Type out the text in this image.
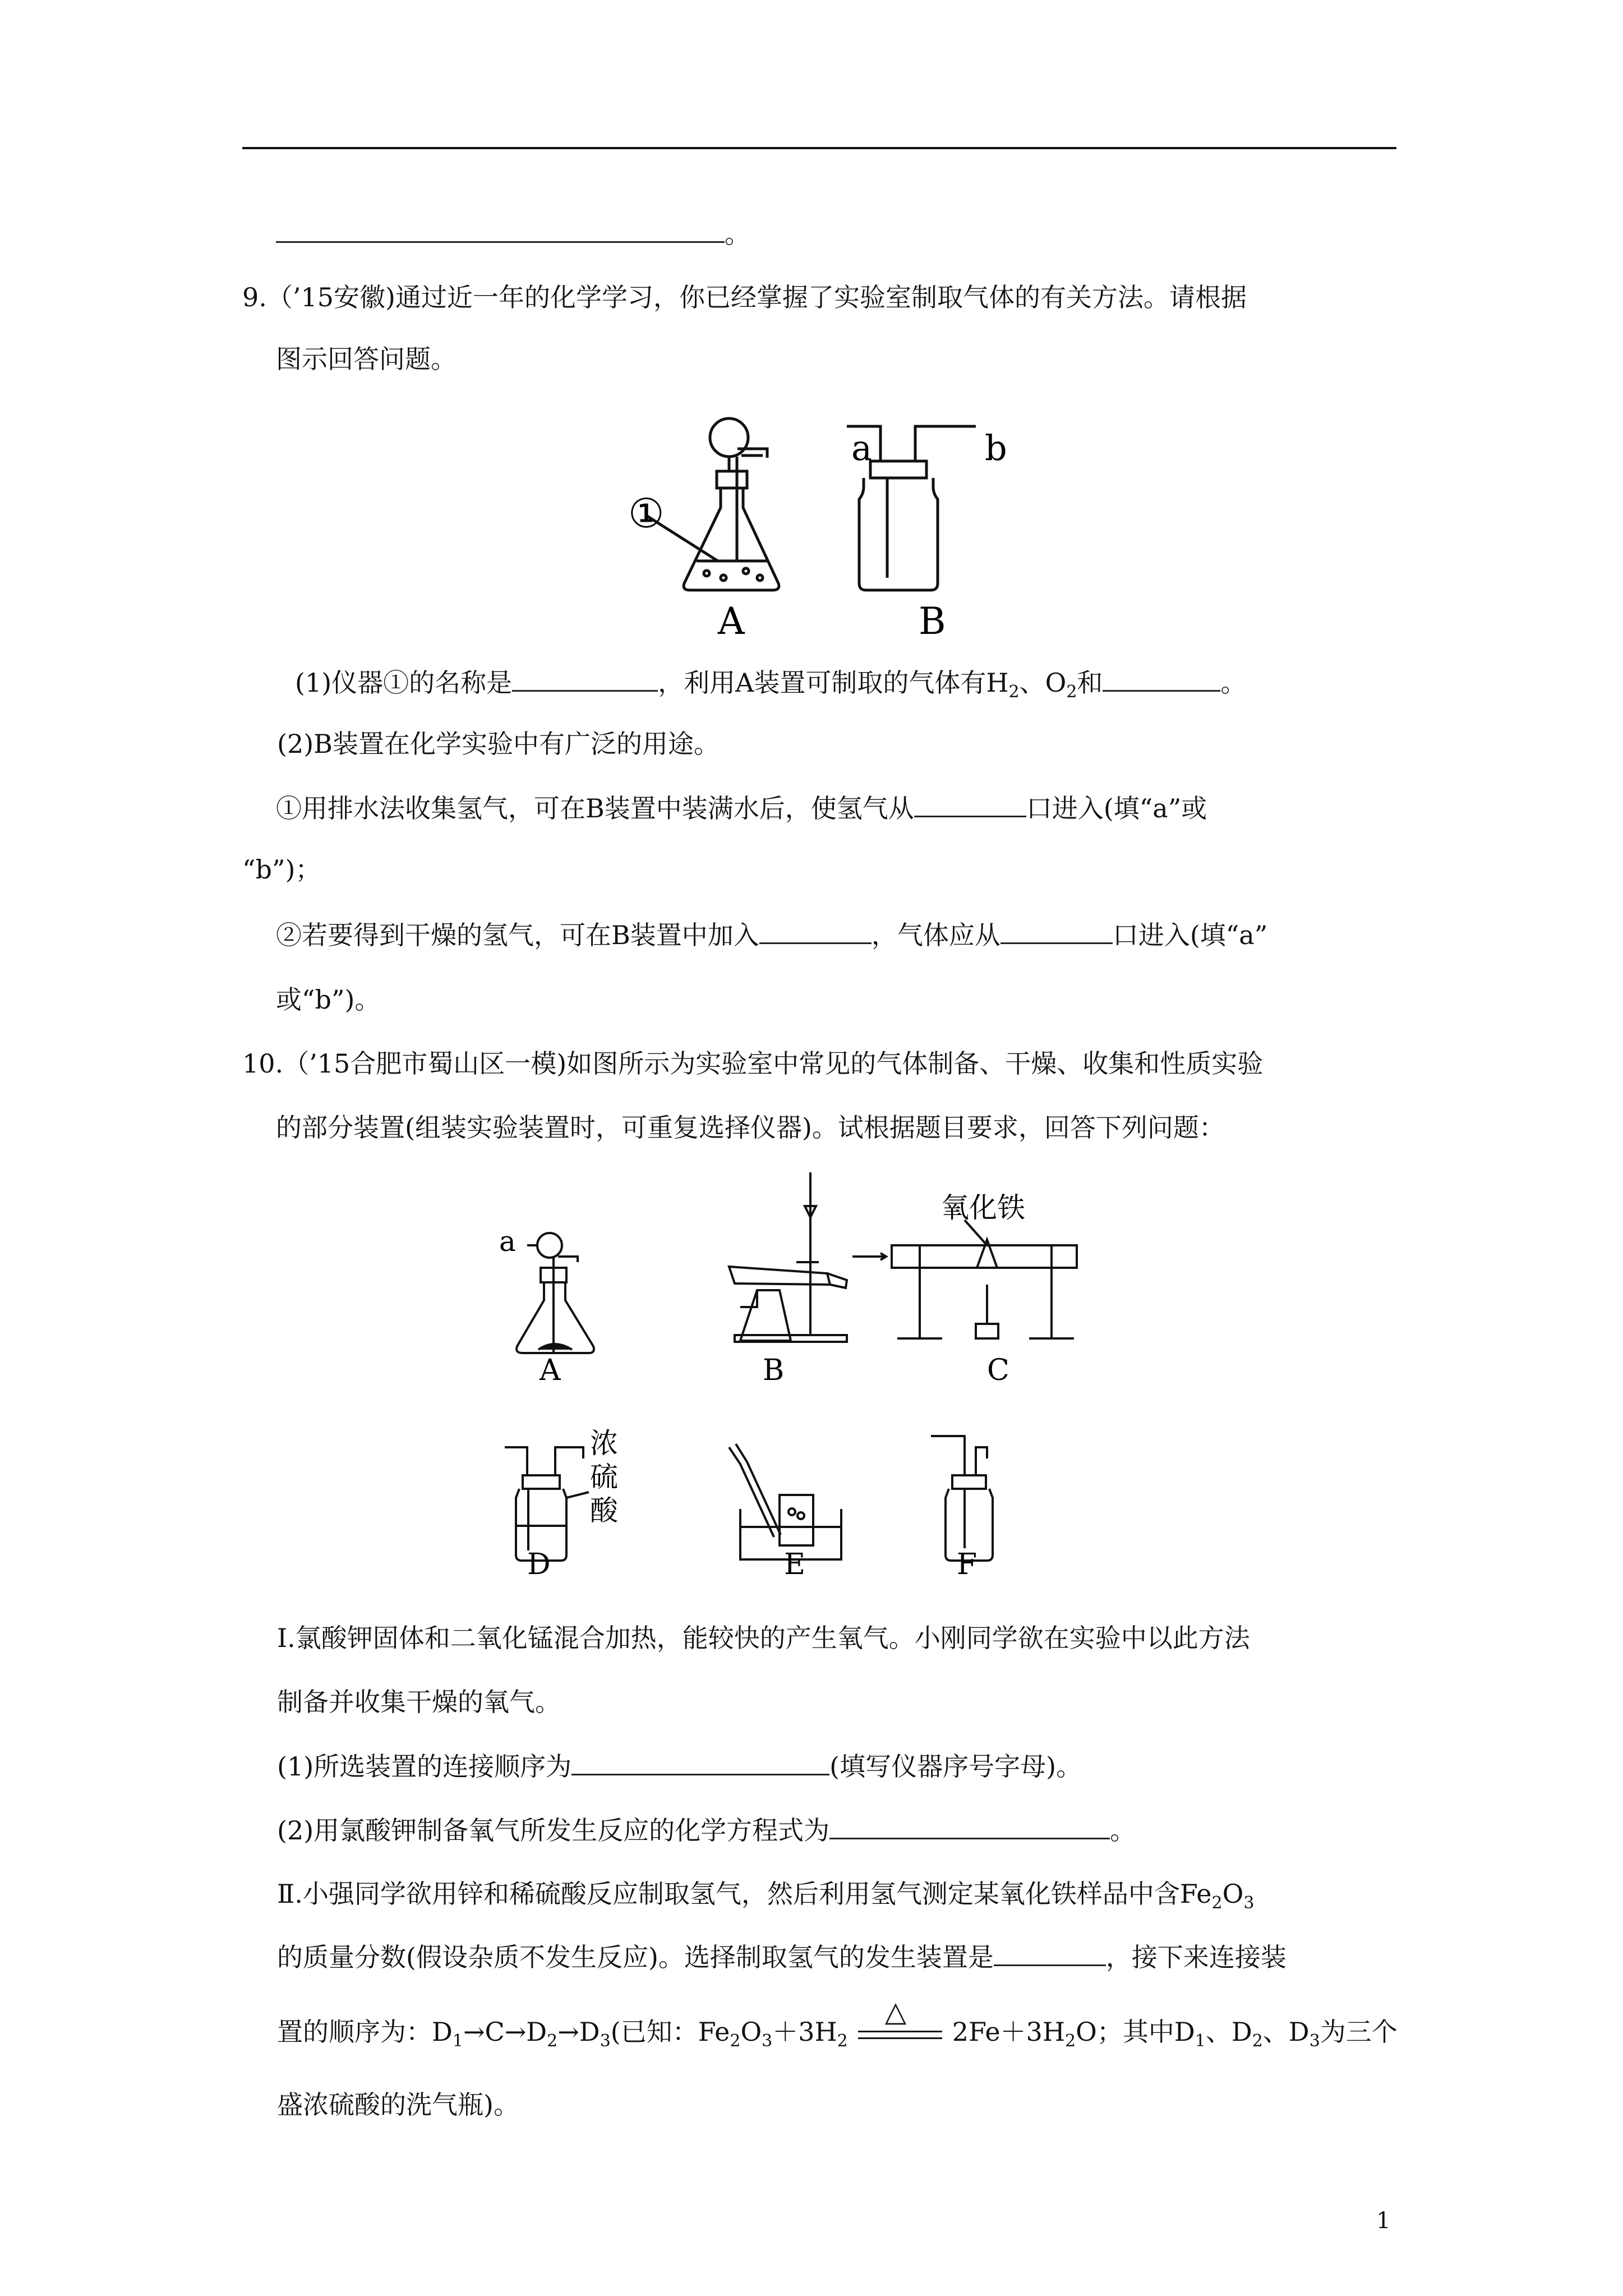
。
9.（’15安徽)通过近一年的化学学习，你已经掌握了实验室制取气体的有关方法。请根据
图示回答问题。
①
A
a	b
B
(1)仪器①的名称是	，利用A装置可制取的气体有$H_2$、$O_2$和	。
(2)B装置在化学实验中有广泛的用途。
①用排水法收集氢气，可在B装置中装满水后，使氢气从	口进入(填“a”或
“b”)；
②若要得到干燥的氢气，可在B装置中加入	，气体应从	口进入(填“a”
或“b”)。
10.（’15合肥市蜀山区一模)如图所示为实验室中常见的气体制备、干燥、收集和性质实验
的部分装置(组装实验装置时，可重复选择仪器)。试根据题目要求，回答下列问题：
a
A	B	C
氧化铁
浓
硫
酸
D	E	F
Ⅰ.氯酸钾固体和二氧化锰混合加热，能较快的产生氧气。小刚同学欲在实验中以此方法
制备并收集干燥的氧气。
(1)所选装置的连接顺序为	(填写仪器序号字母)。
(2)用氯酸钾制备氧气所发生反应的化学方程式为	。
Ⅱ.小强同学欲用锌和稀硫酸反应制取氢气，然后利用氢气测定某氧化铁样品中含$Fe_2O_3$
的质量分数(假设杂质不发生反应)。选择制取氢气的发生装置是	，接下来连接装
置的顺序为：$D_1\to C\to D_2\to D_3$(已知：$Fe_2O_3+3H_2$
△
$2Fe+3H_2O$；其中$D_1$、$D_2$、$D_3$为三个
盛浓硫酸的洗气瓶)。
1
